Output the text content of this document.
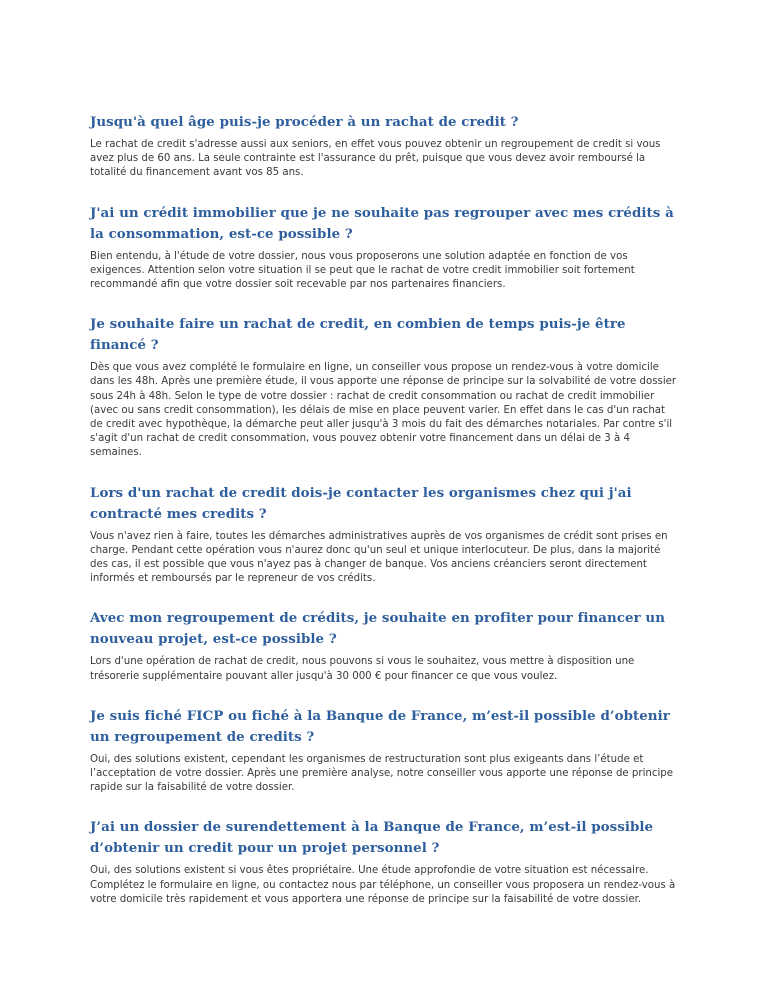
Jusqu'à quel âge puis-je procéder à un rachat de credit ?

Le rachat de credit s'adresse aussi aux seniors, en effet vous pouvez obtenir un regroupement de credit si vous avez plus de 60 ans. La seule contrainte est l'assurance du prêt, puisque que vous devez avoir remboursé la totalité du financement avant vos 85 ans.

J'ai un crédit immobilier que je ne souhaite pas regrouper avec mes crédits à la consommation, est-ce possible ?

Bien entendu, à l'étude de votre dossier, nous vous proposerons une solution adaptée en fonction de vos exigences. Attention selon votre situation il se peut que le rachat de votre credit immobilier soit fortement recommandé afin que votre dossier soit recevable par nos partenaires financiers.

Je souhaite faire un rachat de credit, en combien de temps puis-je être financé ?

Dès que vous avez complété le formulaire en ligne, un conseiller vous propose un rendez-vous à votre domicile dans les 48h. Après une première étude, il vous apporte une réponse de principe sur la solvabilité de votre dossier sous 24h à 48h. Selon le type de votre dossier : rachat de credit consommation ou rachat de credit immobilier (avec ou sans credit consommation), les délais de mise en place peuvent varier. En effet dans le cas d'un rachat de credit avec hypothèque, la démarche peut aller jusqu'à 3 mois du fait des démarches notariales. Par contre s'il s'agit d'un rachat de credit consommation, vous pouvez obtenir votre financement dans un délai de 3 à 4 semaines.

Lors d'un rachat de credit dois-je contacter les organismes chez qui j'ai contracté mes credits ?

Vous n'avez rien à faire, toutes les démarches administratives auprès de vos organismes de crédit sont prises en charge. Pendant cette opération vous n'aurez donc qu'un seul et unique interlocuteur. De plus, dans la majorité des cas, il est possible que vous n'ayez pas à changer de banque. Vos anciens créanciers seront directement informés et remboursés par le repreneur de vos crédits.

Avec mon regroupement de crédits, je souhaite en profiter pour financer un nouveau projet, est-ce possible ?

Lors d'une opération de rachat de credit, nous pouvons si vous le souhaitez, vous mettre à disposition une trésorerie supplémentaire pouvant aller jusqu'à 30 000 € pour financer ce que vous voulez.

Je suis fiché FICP ou fiché à la Banque de France, m’est-il possible d’obtenir un regroupement de credits ?

Oui, des solutions existent, cependant les organismes de restructuration sont plus exigeants dans l’étude et l’acceptation de votre dossier. Après une première analyse, notre conseiller vous apporte une réponse de principe rapide sur la faisabilité de votre dossier.

J’ai un dossier de surendettement à la Banque de France, m’est-il possible d’obtenir un credit pour un projet personnel ?

Oui, des solutions existent si vous êtes propriétaire. Une étude approfondie de votre situation est nécessaire. Complétez le formulaire en ligne, ou contactez nous par téléphone, un conseiller vous proposera un rendez-vous à votre domicile très rapidement et vous apportera une réponse de principe sur la faisabilité de votre dossier.
